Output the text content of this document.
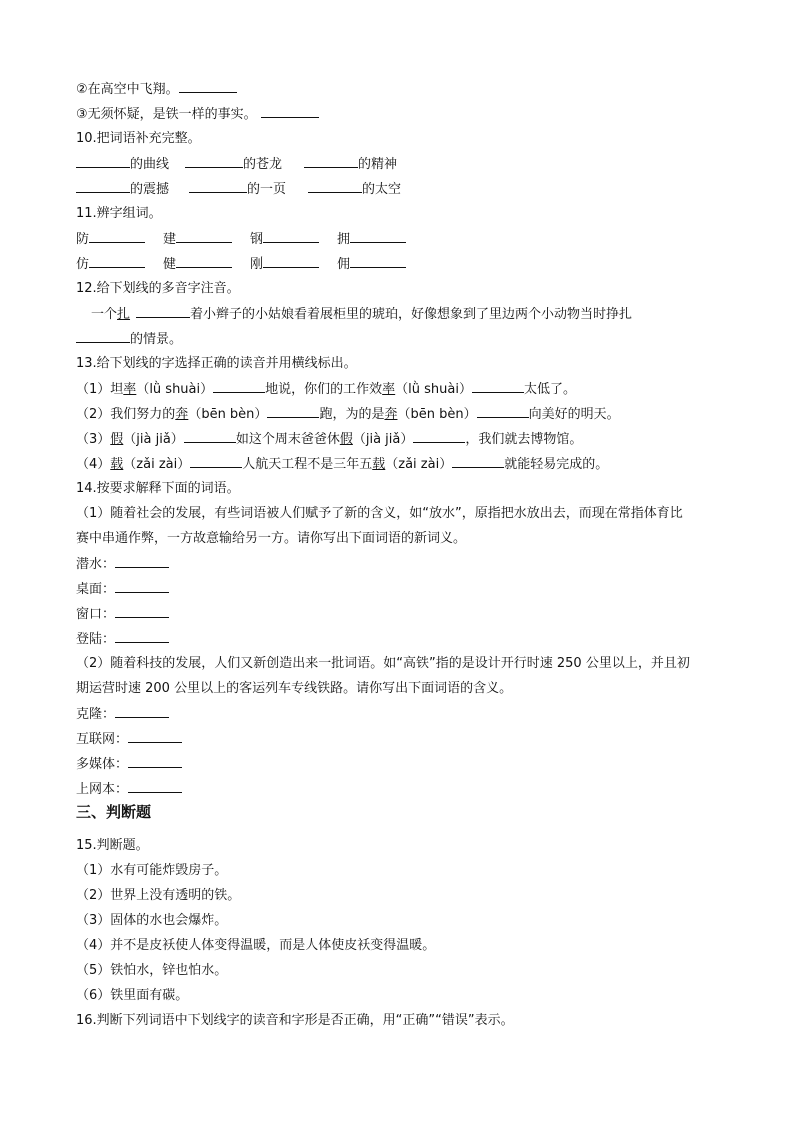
②在高空中飞翔。
③无须怀疑，是铁一样的事实。
10.把词语补充完整。
的曲线	的苍龙	的精神
的震撼	的一页	的太空
11.辨字组词。
防	建	钢	拥
仿	健	刚	佣
12.给下划线的多音字注音。
一个扎	着小辫子的小姑娘看着展柜里的琥珀，好像想象到了里边两个小动物当时挣扎
的情景。
13.给下划线的字选择正确的读音并用横线标出。
（1）坦率（lǜ shuài）	地说，你们的工作效率（lǜ shuài）	太低了。
（2）我们努力的奔（bēn bèn）	跑，为的是奔（bēn bèn）	向美好的明天。
（3）假（jià jiǎ）	如这个周末爸爸休假（jià jiǎ）	，我们就去博物馆。
（4）载（zǎi zài）	人航天工程不是三年五载（zǎi zài）	就能轻易完成的。
14.按要求解释下面的词语。
（1）随着社会的发展，有些词语被人们赋予了新的含义，如“放水”，原指把水放出去，而现在常指体育比
赛中串通作弊，一方故意输给另一方。请你写出下面词语的新词义。
潜水：
桌面：
窗口：
登陆：
（2）随着科技的发展，人们又新创造出来一批词语。如“高铁”指的是设计开行时速 250 公里以上，并且初
期运营时速 200 公里以上的客运列车专线铁路。请你写出下面词语的含义。
克隆：
互联网：
多媒体：
上网本：
三、判断题
15.判断题。
（1）水有可能炸毁房子。
（2）世界上没有透明的铁。
（3）固体的水也会爆炸。
（4）并不是皮袄使人体变得温暖，而是人体使皮袄变得温暖。
（5）铁怕水，锌也怕水。
（6）铁里面有碳。
16.判断下列词语中下划线字的读音和字形是否正确，用“正确”“错误”表示。
